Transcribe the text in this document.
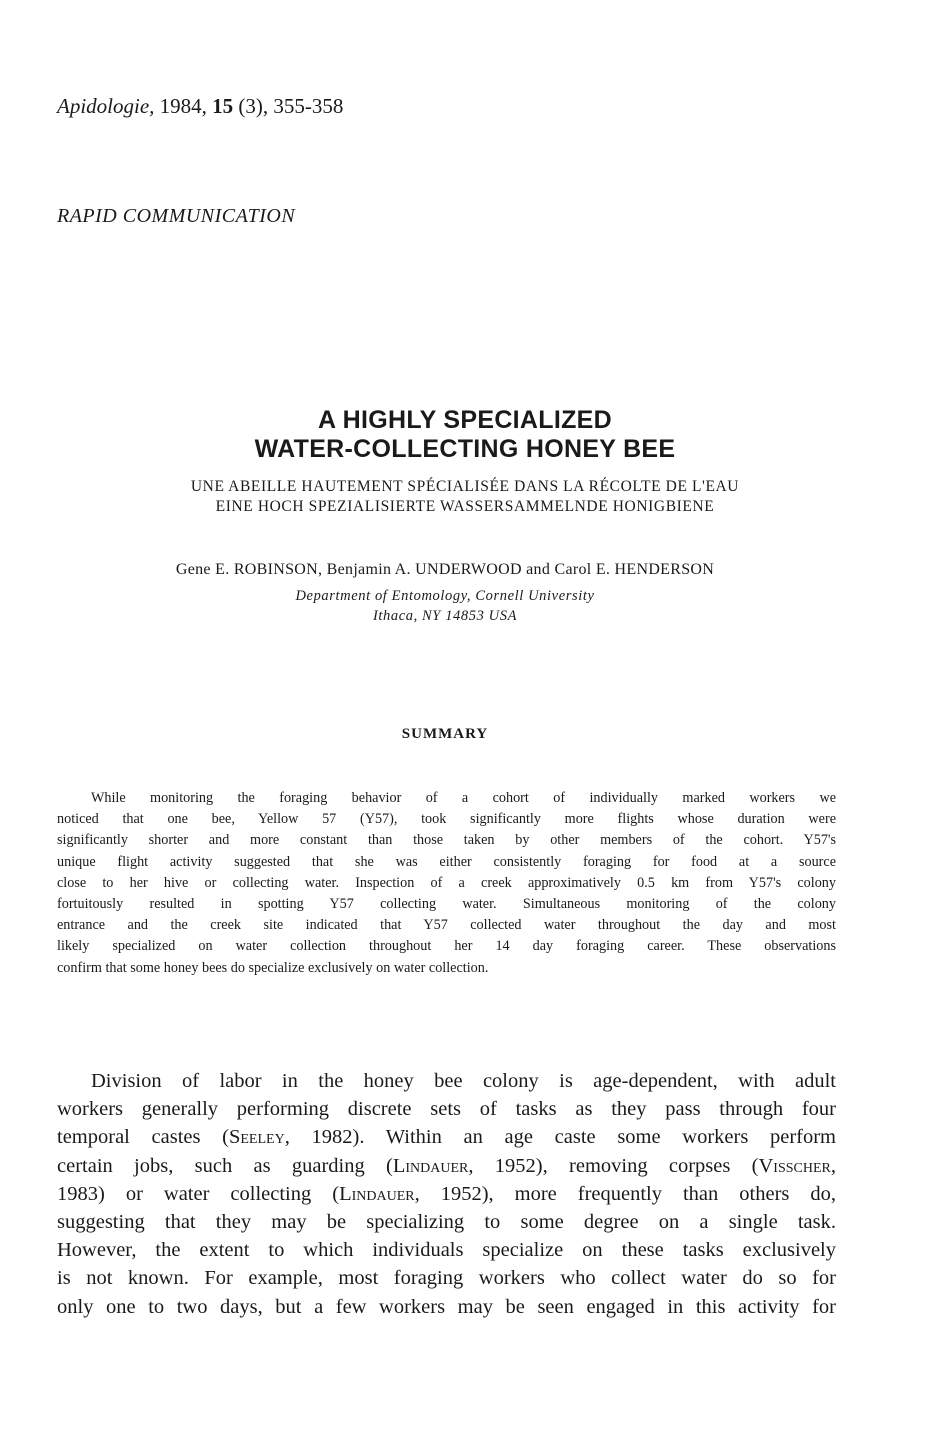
Apidologie, 1984, 15 (3), 355-358
RAPID COMMUNICATION
A HIGHLY SPECIALIZED
WATER-COLLECTING HONEY BEE
UNE ABEILLE HAUTEMENT SPÉCIALISÉE DANS LA RÉCOLTE DE L'EAU
EINE HOCH SPEZIALISIERTE WASSERSAMMELNDE HONIGBIENE
Gene E. ROBINSON, Benjamin A. UNDERWOOD and Carol E. HENDERSON
Department of Entomology, Cornell University
Ithaca, NY 14853 USA
SUMMARY
While monitoring the foraging behavior of a cohort of individually marked workers we
noticed that one bee, Yellow 57 (Y57), took significantly more flights whose duration were
significantly shorter and more constant than those taken by other members of the cohort. Y57's
unique flight activity suggested that she was either consistently foraging for food at a source
close to her hive or collecting water. Inspection of a creek approximatively 0.5 km from Y57's colony
fortuitously resulted in spotting Y57 collecting water. Simultaneous monitoring of the colony
entrance and the creek site indicated that Y57 collected water throughout the day and most
likely specialized on water collection throughout her 14 day foraging career. These observations
confirm that some honey bees do specialize exclusively on water collection.
Division of labor in the honey bee colony is age-dependent, with adult
workers generally performing discrete sets of tasks as they pass through four
temporal castes (Seeley, 1982). Within an age caste some workers perform
certain jobs, such as guarding (Lindauer, 1952), removing corpses (Visscher,
1983) or water collecting (Lindauer, 1952), more frequently than others do,
suggesting that they may be specializing to some degree on a single task.
However, the extent to which individuals specialize on these tasks exclusively
is not known. For example, most foraging workers who collect water do so for
only one to two days, but a few workers may be seen engaged in this activity for
